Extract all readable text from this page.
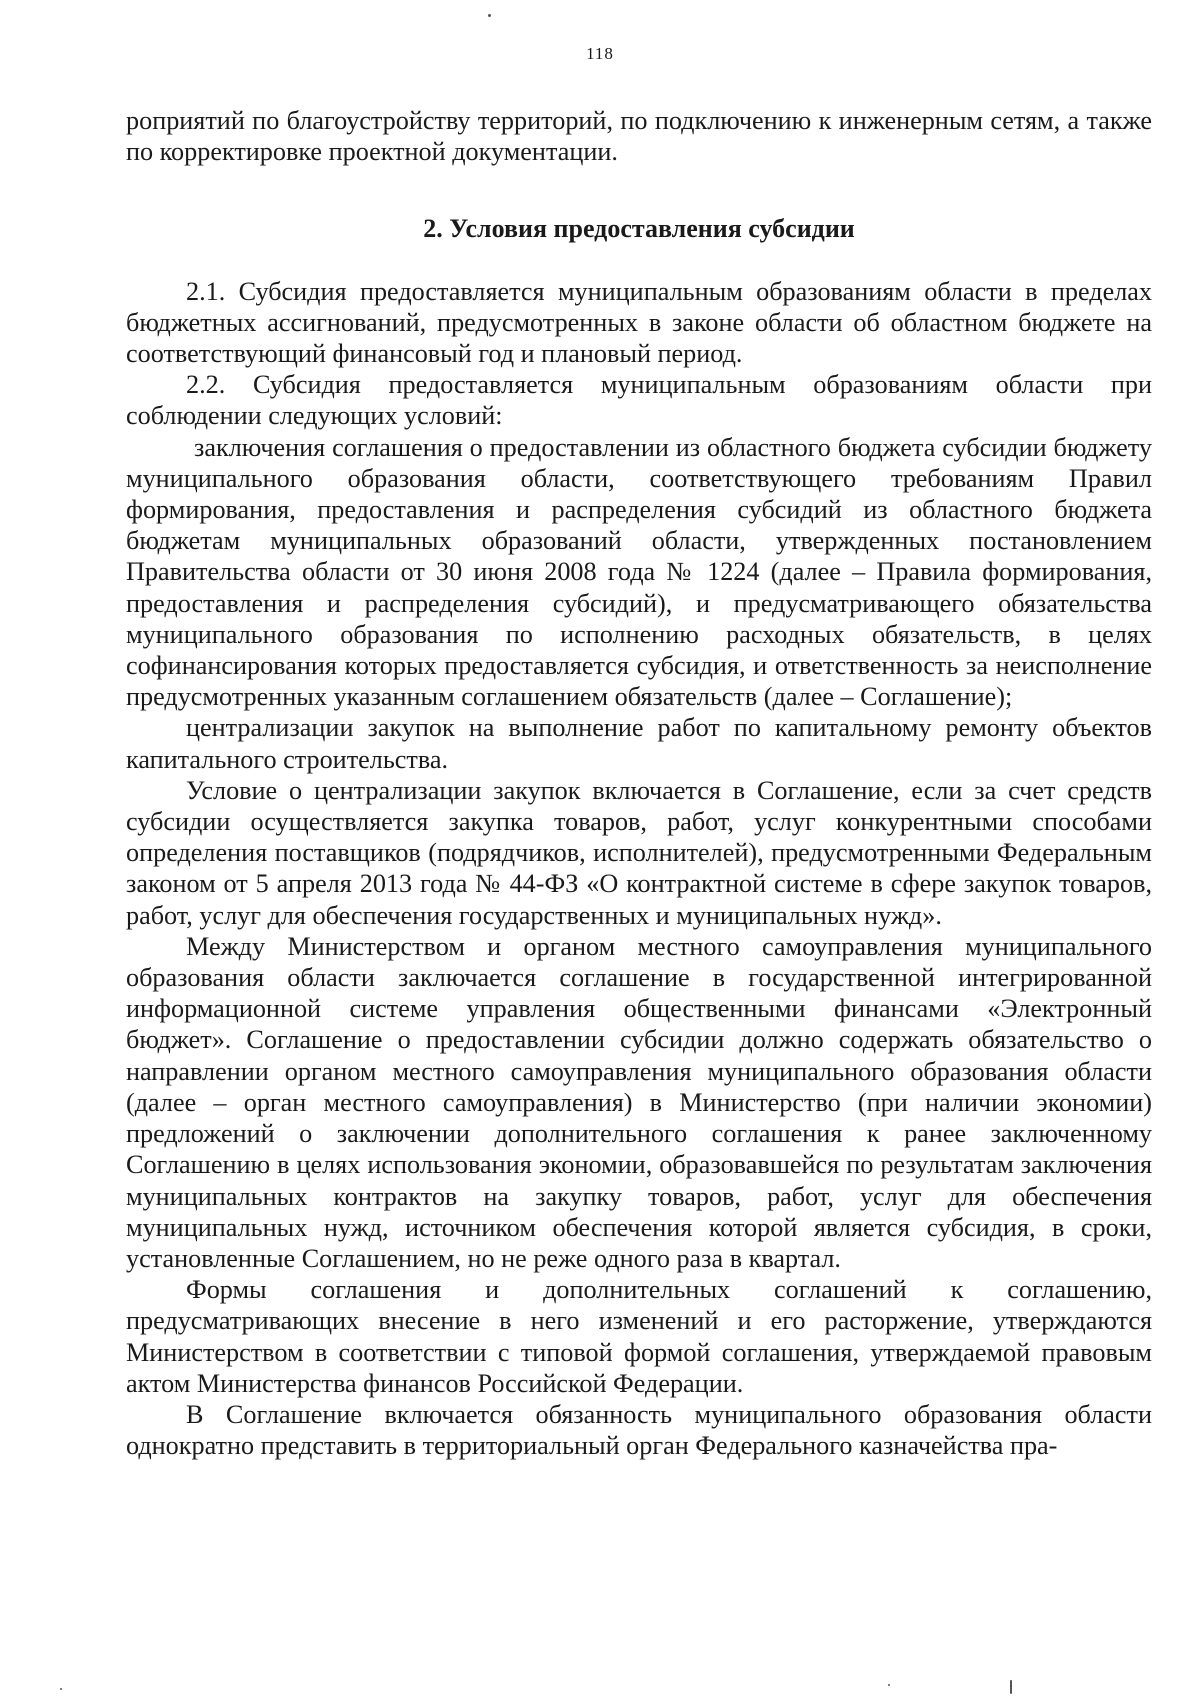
118

роприятий по благоустройству территорий, по подключению к инженерным сетям, а также по корректировке проектной документации.

2. Условия предоставления субсидии

2.1. Субсидия предоставляется муниципальным образованиям области в пределах бюджетных ассигнований, предусмотренных в законе области об областном бюджете на соответствующий финансовый год и плановый период.

2.2. Субсидия предоставляется муниципальным образованиям области при соблюдении следующих условий:

заключения соглашения о предоставлении из областного бюджета субсидии бюджету муниципального образования области, соответствующего требованиям Правил формирования, предоставления и распределения субсидий из областного бюджета бюджетам муниципальных образований области, утвержденных постановлением Правительства области от 30 июня 2008 года № 1224 (далее – Правила формирования, предоставления и распределения субсидий), и предусматривающего обязательства муниципального образования по исполнению расходных обязательств, в целях софинансирования которых предоставляется субсидия, и ответственность за неисполнение предусмотренных указанным соглашением обязательств (далее – Соглашение);

централизации закупок на выполнение работ по капитальному ремонту объектов капитального строительства.

Условие о централизации закупок включается в Соглашение, если за счет средств субсидии осуществляется закупка товаров, работ, услуг конкурентными способами определения поставщиков (подрядчиков, исполнителей), предусмотренными Федеральным законом от 5 апреля 2013 года № 44-ФЗ «О контрактной системе в сфере закупок товаров, работ, услуг для обеспечения государственных и муниципальных нужд».

Между Министерством и органом местного самоуправления муниципального образования области заключается соглашение в государственной интегрированной информационной системе управления общественными финансами «Электронный бюджет». Соглашение о предоставлении субсидии должно содержать обязательство о направлении органом местного самоуправления муниципального образования области (далее – орган местного самоуправления) в Министерство (при наличии экономии) предложений о заключении дополнительного соглашения к ранее заключенному Соглашению в целях использования экономии, образовавшейся по результатам заключения муниципальных контрактов на закупку товаров, работ, услуг для обеспечения муниципальных нужд, источником обеспечения которой является субсидия, в сроки, установленные Соглашением, но не реже одного раза в квартал.

Формы соглашения и дополнительных соглашений к соглашению, предусматривающих внесение в него изменений и его расторжение, утверждаются Министерством в соответствии с типовой формой соглашения, утверждаемой правовым актом Министерства финансов Российской Федерации.

В Соглашение включается обязанность муниципального образования области однократно представить в территориальный орган Федерального казначейства пра-
